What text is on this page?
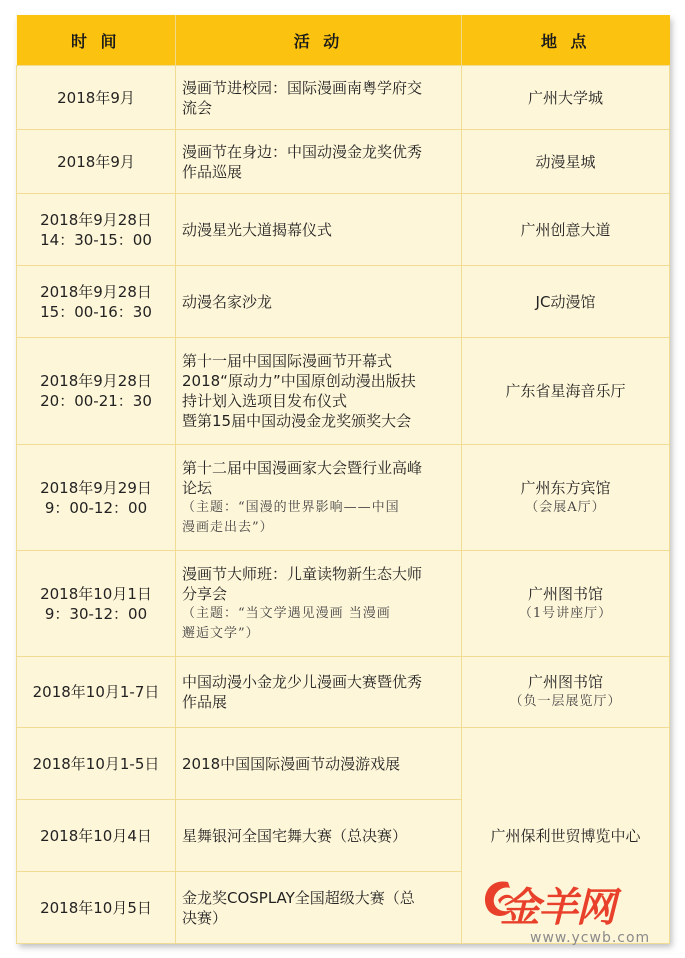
时 间	活 动	地 点

2018年9月	漫画节进校园：国际漫画南粤学府交
流会	广州大学城

2018年9月	漫画节在身边：中国动漫金龙奖优秀
作品巡展	动漫星城

2018年9月28日
14：30-15：00	动漫星光大道揭幕仪式	广州创意大道

2018年9月28日
15：00-16：30	动漫名家沙龙	JC动漫馆

2018年9月28日
20：00-21：30	第十一届中国国际漫画节开幕式
2018“原动力”中国原创动漫出版扶
持计划入选项目发布仪式
暨第15届中国动漫金龙奖颁奖大会	广东省星海音乐厅

2018年9月29日
9：00-12：00	第十二届中国漫画家大会暨行业高峰
论坛
（主题：“国漫的世界影响——中国
漫画走出去”）	广州东方宾馆
（会展A厅）

2018年10月1日
9：30-12：00	漫画节大师班：儿童读物新生态大师
分享会
（主题：“当文学遇见漫画 当漫画
邂逅文学”）	广州图书馆
（1号讲座厅）

2018年10月1-7日	中国动漫小金龙少儿漫画大赛暨优秀
作品展	广州图书馆
（负一层展览厅）

2018年10月1-5日	2018中国国际漫画节动漫游戏展	广州保利世贸博览中心

2018年10月4日	星舞银河全国宅舞大赛（总决赛）	

2018年10月5日	金龙奖COSPLAY全国超级大赛（总
决赛）		金羊网
www.ycwb.com
